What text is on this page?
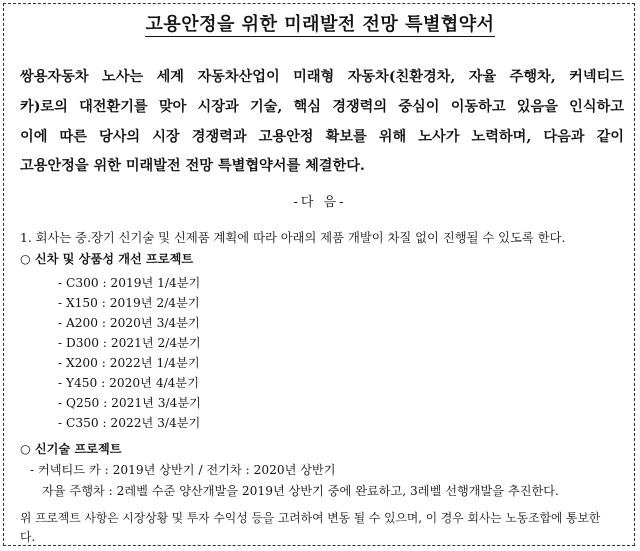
고용안정을 위한 미래발전 전망 특별협약서
쌍용자동차 노사는 세계 자동차산업이 미래형 자동차(친환경차, 자율 주행차, 커넥티드
카)로의 대전환기를 맞아 시장과 기술, 핵심 경쟁력의 중심이 이동하고 있음을 인식하고
이에 따른 당사의 시장 경쟁력과 고용안정 확보를 위해 노사가 노력하며, 다음과 같이
고용안정을 위한 미래발전 전망 특별협약서를 체결한다.
-다 음-
1. 회사는 중.장기 신기술 및 신제품 계획에 따라 아래의 제품 개발이 차질 없이 진행될 수 있도록 한다.
○ 신차 및 상품성 개선 프로젝트
- C300 : 2019년 1/4분기
- X150 : 2019년 2/4분기
- A200 : 2020년 3/4분기
- D300 : 2021년 2/4분기
- X200 : 2022년 1/4분기
- Y450 : 2020년 4/4분기
- Q250 : 2021년 3/4분기
- C350 : 2022년 3/4분기
○ 신기술 프로젝트
- 커넥티드 카 : 2019년 상반기 / 전기차 : 2020년 상반기
자율 주행차 : 2레벨 수준 양산개발을 2019년 상반기 중에 완료하고, 3레벨 선행개발을 추진한다.
위 프로젝트 사항은 시장상황 및 투자 수익성 등을 고려하여 변동 될 수 있으며, 이 경우 회사는 노동조합에 통보한
다.
